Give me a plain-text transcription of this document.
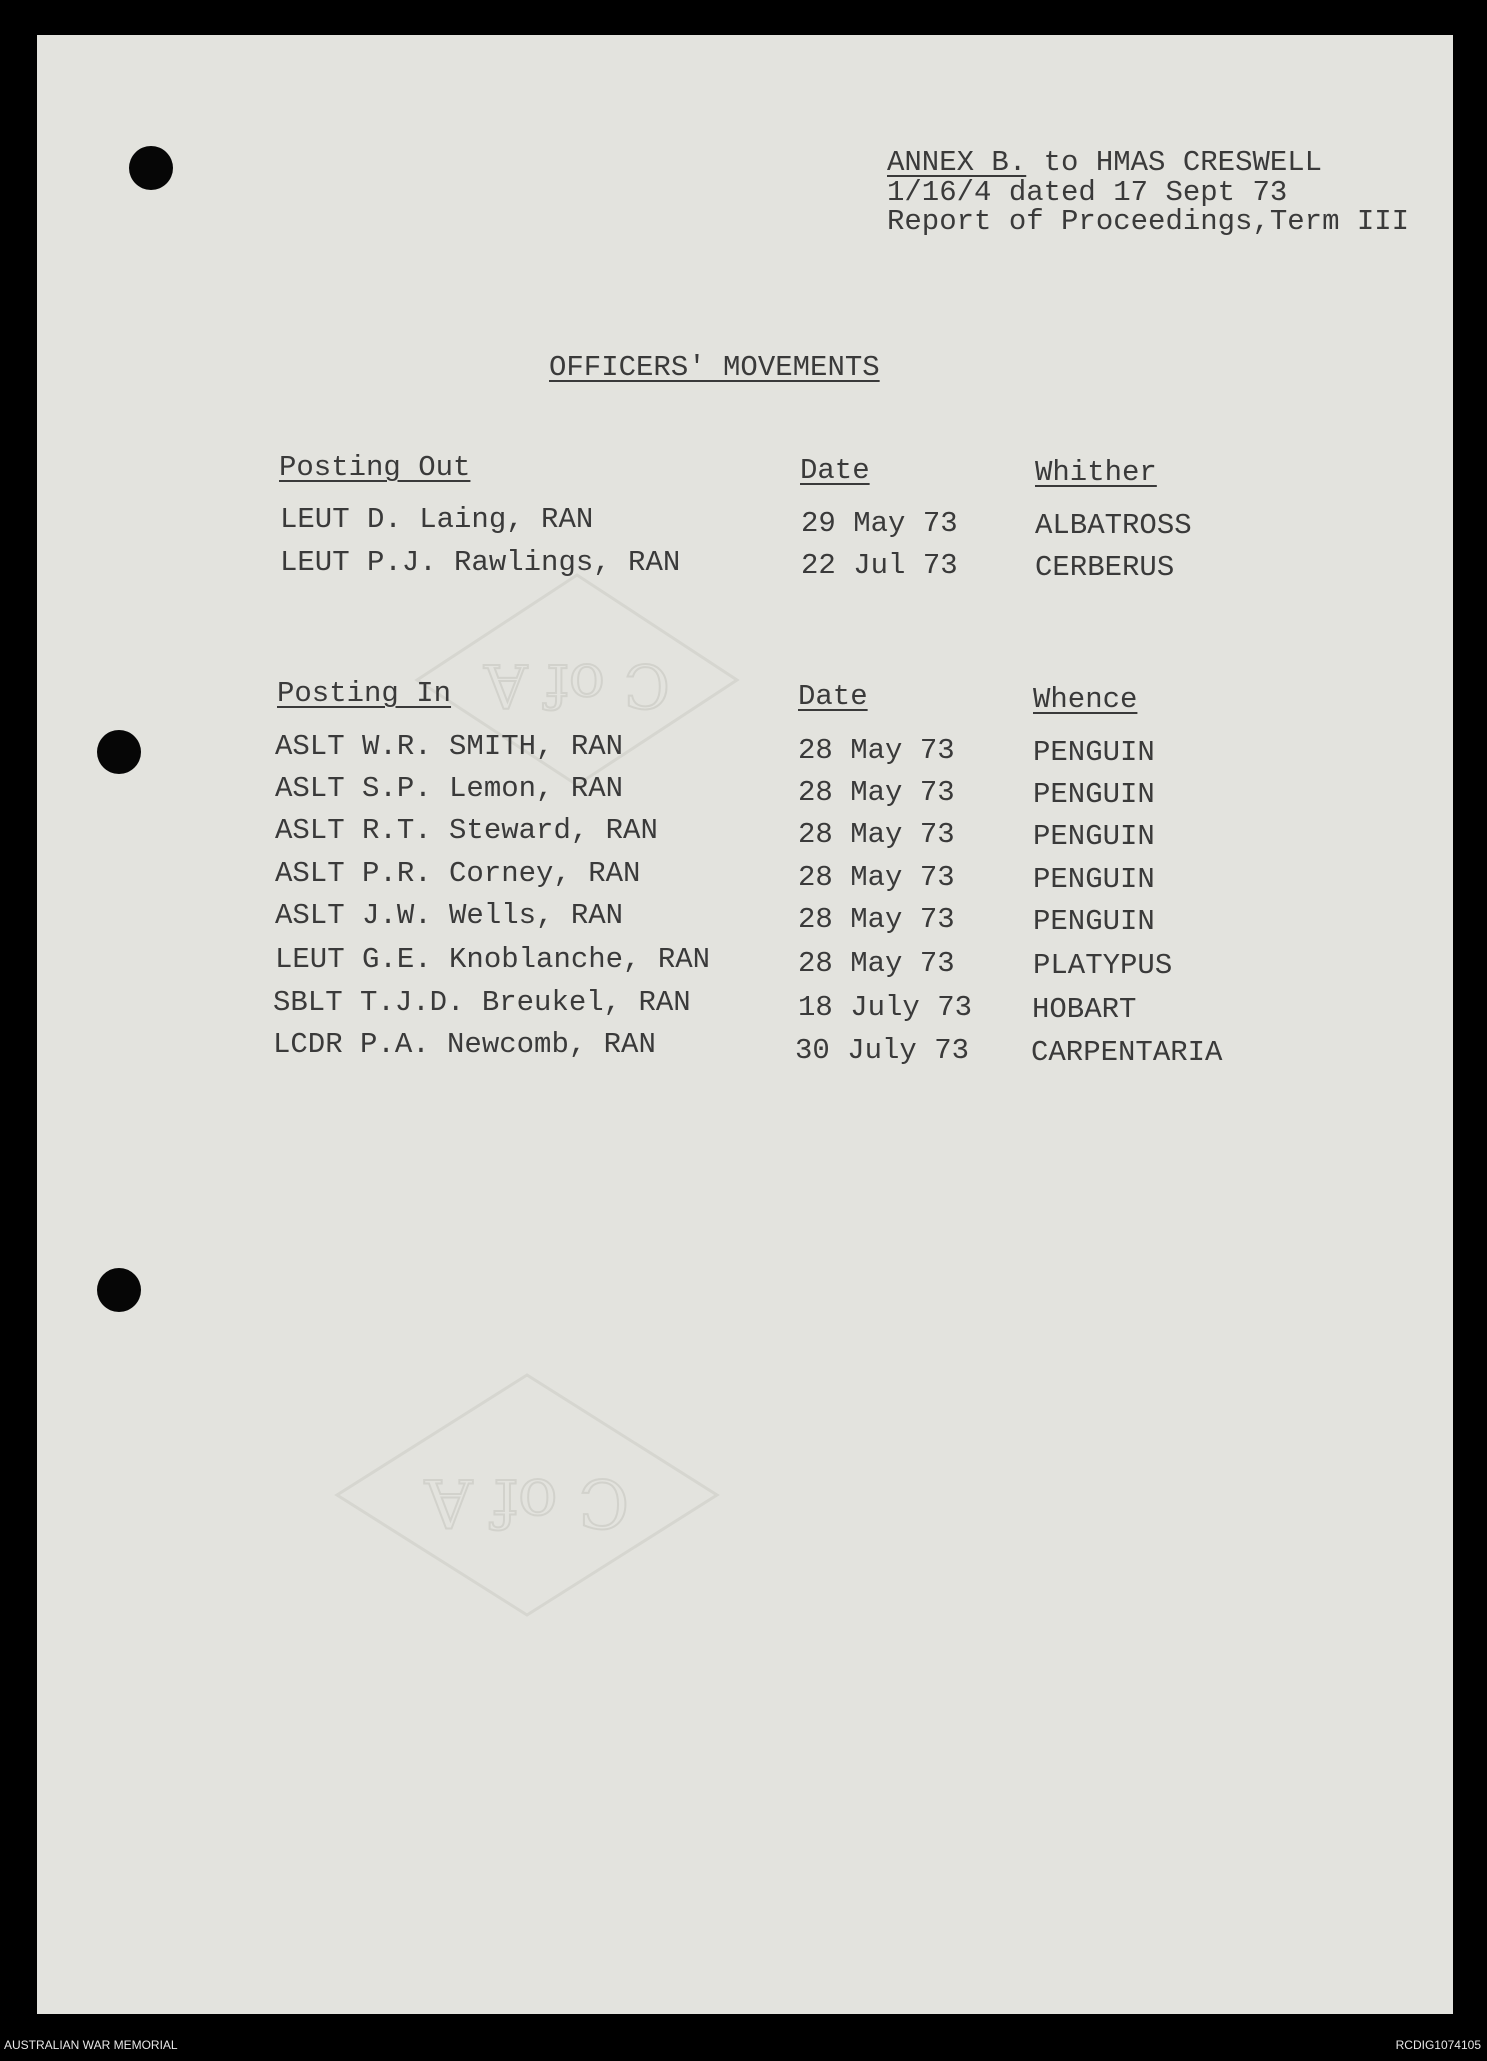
C of A
C of A
ANNEX B. to HMAS CRESWELL
1/16/4 dated 17 Sept 73
Report of Proceedings,Term III
OFFICERS' MOVEMENTS
Posting Out	Date	Whither
LEUT D. Laing, RAN	29 May 73	ALBATROSS
LEUT P.J. Rawlings, RAN	22 Jul 73	CERBERUS
Posting In	Date	Whence
ASLT W.R. SMITH, RAN	28 May 73	PENGUIN
ASLT S.P. Lemon, RAN	28 May 73	PENGUIN
ASLT R.T. Steward, RAN	28 May 73	PENGUIN
ASLT P.R. Corney, RAN	28 May 73	PENGUIN
ASLT J.W. Wells, RAN	28 May 73	PENGUIN
LEUT G.E. Knoblanche, RAN	28 May 73	PLATYPUS
SBLT T.J.D. Breukel, RAN	18 July 73 HOBART
LCDR P.A. Newcomb, RAN	30 July 73 CARPENTARIA
AUSTRALIAN WAR MEMORIAL	RCDIG1074105
